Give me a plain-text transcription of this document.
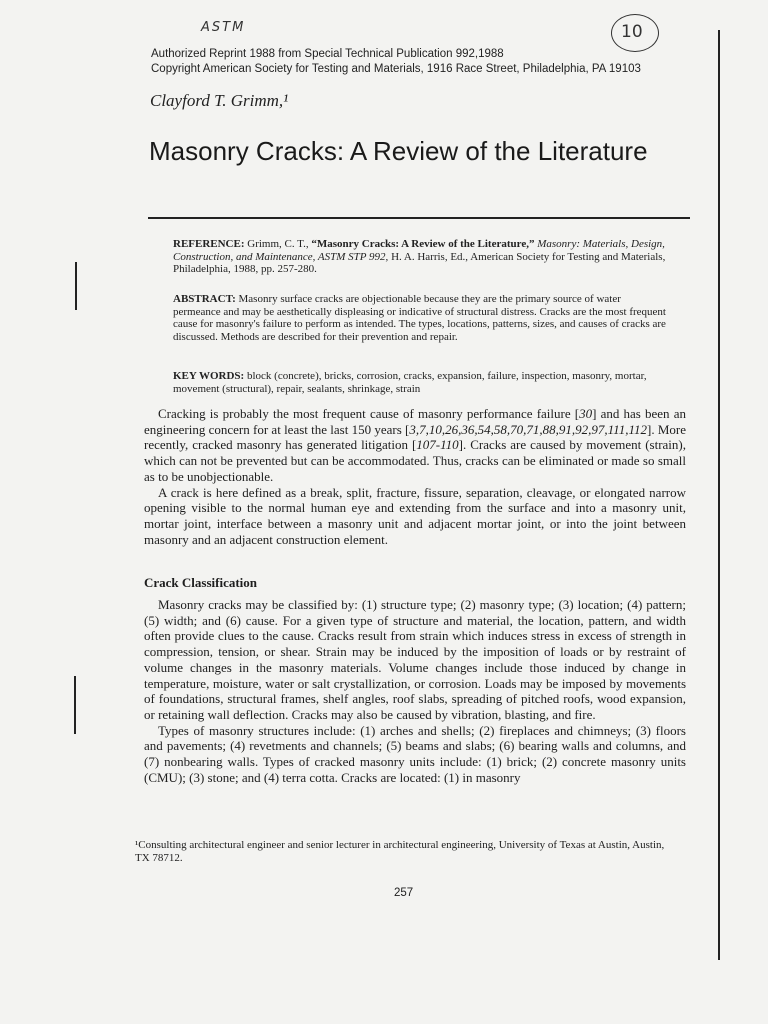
ASTM	10
Authorized Reprint 1988 from Special Technical Publication 992,1988
Copyright American Society for Testing and Materials, 1916 Race Street, Philadelphia, PA 19103
Clayford T. Grimm,¹
Masonry Cracks: A Review of the Literature
REFERENCE: Grimm, C. T., “Masonry Cracks: A Review of the Literature,” Masonry: Materials, Design, Construction, and Maintenance, ASTM STP 992, H. A. Harris, Ed., American Society for Testing and Materials, Philadelphia, 1988, pp. 257-280.
ABSTRACT: Masonry surface cracks are objectionable because they are the primary source of water permeance and may be aesthetically displeasing or indicative of structural distress. Cracks are the most frequent cause for masonry's failure to perform as intended. The types, locations, patterns, sizes, and causes of cracks are discussed. Methods are described for their prevention and repair.
KEY WORDS: block (concrete), bricks, corrosion, cracks, expansion, failure, inspection, masonry, mortar, movement (structural), repair, sealants, shrinkage, strain

Cracking is probably the most frequent cause of masonry performance failure [30] and has been an engineering concern for at least the last 150 years [3,7,10,26,36,54,58,70,71,88,91,92,97,111,112]. More recently, cracked masonry has generated litigation [107-110]. Cracks are caused by movement (strain), which can not be prevented but can be accommodated. Thus, cracks can be eliminated or made so small as to be unobjectionable.

A crack is here defined as a break, split, fracture, fissure, separation, cleavage, or elongated narrow opening visible to the normal human eye and extending from the surface and into a masonry unit, mortar joint, interface between a masonry unit and adjacent mortar joint, or into the joint between masonry and an adjacent construction element.

Crack Classification

Masonry cracks may be classified by: (1) structure type; (2) masonry type; (3) location; (4) pattern; (5) width; and (6) cause. For a given type of structure and material, the location, pattern, and width often provide clues to the cause. Cracks result from strain which induces stress in excess of strength in compression, tension, or shear. Strain may be induced by the imposition of loads or by restraint of volume changes in the masonry materials. Volume changes include those induced by change in temperature, moisture, water or salt crystallization, or corrosion. Loads may be imposed by movements of foundations, structural frames, shelf angles, roof slabs, spreading of pitched roofs, wood expansion, or retaining wall deflection. Cracks may also be caused by vibration, blasting, and fire.

Types of masonry structures include: (1) arches and shells; (2) fireplaces and chimneys; (3) floors and pavements; (4) revetments and channels; (5) beams and slabs; (6) bearing walls and columns, and (7) nonbearing walls. Types of cracked masonry units include: (1) brick; (2) concrete masonry units (CMU); (3) stone; and (4) terra cotta. Cracks are located: (1) in masonry

¹Consulting architectural engineer and senior lecturer in architectural engineering, University of Texas at Austin, Austin, TX 78712.
257
